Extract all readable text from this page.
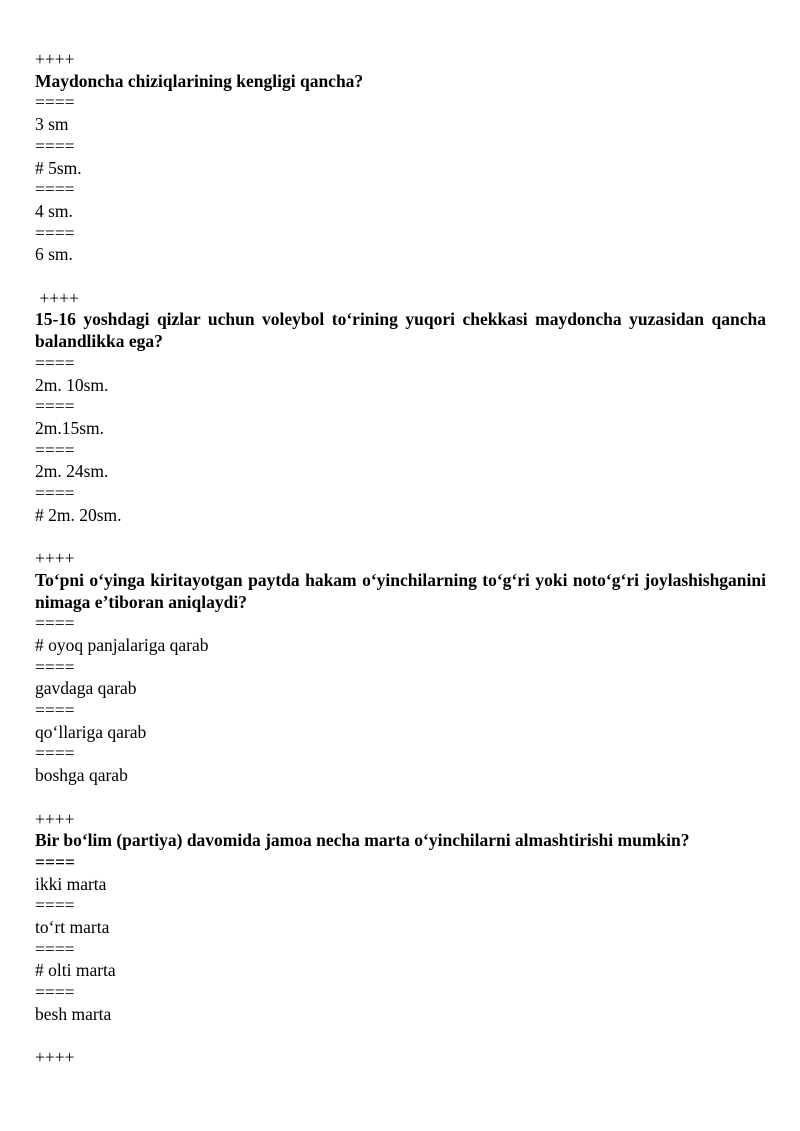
++++
Maydoncha chiziqlarining kengligi qancha?
====
3 sm
====
# 5sm.
====
4 sm.
====
6 sm.
++++
15-16 yoshdagi qizlar uchun voleybol to‘rining yuqori chekkasi maydoncha yuzasidan qancha balandlikka ega?
====
2m. 10sm.
====
2m.15sm.
====
2m. 24sm.
====
# 2m. 20sm.
++++
To‘pni o‘yinga kiritayotgan paytda hakam o‘yinchilarning to‘g‘ri yoki noto‘g‘ri joylashishganini nimaga e’tiboran aniqlaydi?
====
# oyoq panjalariga qarab
====
gavdaga qarab
====
qo‘llariga qarab
====
boshga qarab
++++
Bir bo‘lim (partiya) davomida jamoa necha marta o‘yinchilarni almashtirishi mumkin?
====
ikki marta
====
to‘rt marta
====
# olti marta
====
besh marta
++++
